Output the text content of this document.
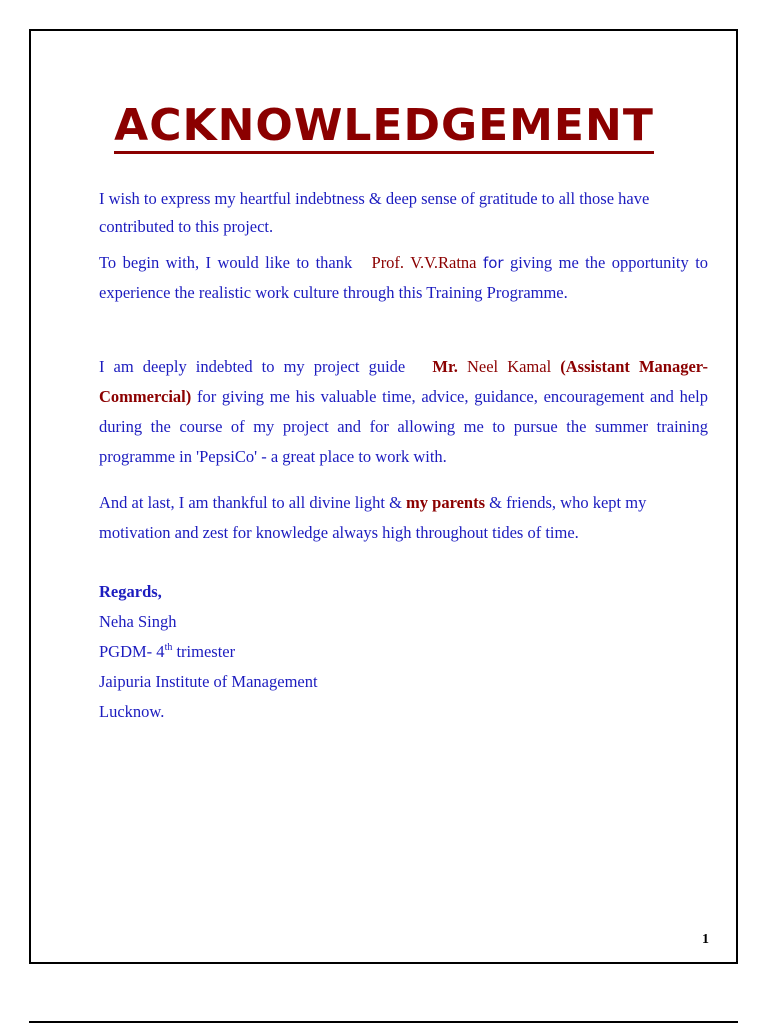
ACKNOWLEDGEMENT
I wish to express my heartful indebtness & deep sense of gratitude to all those have contributed to this project.
To begin with, I would like to thank Prof. V.V.Ratna for giving me the opportunity to experience the realistic work culture through this Training Programme.
I am deeply indebted to my project guide Mr. Neel Kamal (Assistant Manager-Commercial) for giving me his valuable time, advice, guidance, encouragement and help during the course of my project and for allowing me to pursue the summer training programme in 'PepsiCo' - a great place to work with.
And at last, I am thankful to all divine light & my parents & friends, who kept my motivation and zest for knowledge always high throughout tides of time.
Regards,
Neha Singh
PGDM- 4th trimester
Jaipuria Institute of Management
Lucknow.
1
